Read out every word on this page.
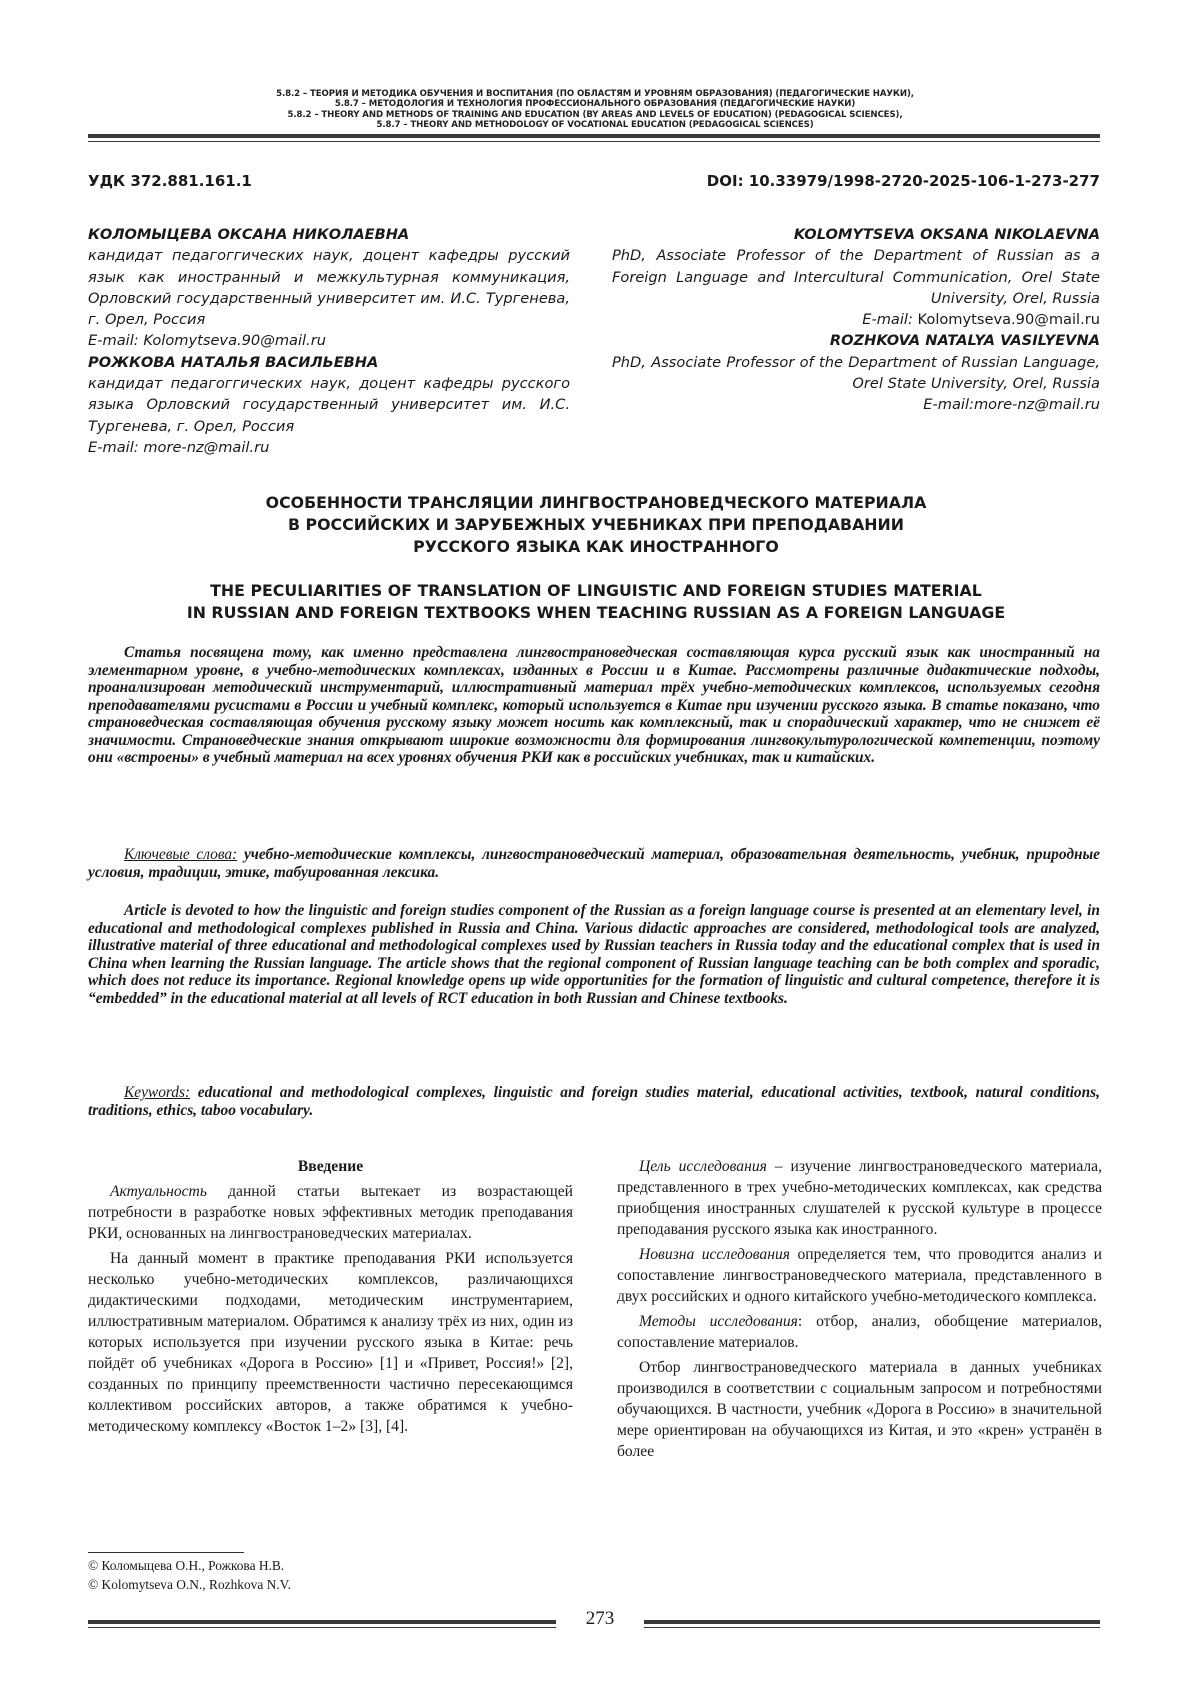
5.8.2 – ТЕОРИЯ И МЕТОДИКА ОБУЧЕНИЯ И ВОСПИТАНИЯ (ПО ОБЛАСТЯМ И УРОВНЯМ ОБРАЗОВАНИЯ) (ПЕДАГОГИЧЕСКИЕ НАУКИ),
5.8.7 – МЕТОДОЛОГИЯ И ТЕХНОЛОГИЯ ПРОФЕССИОНАЛЬНОГО ОБРАЗОВАНИЯ (ПЕДАГОГИЧЕСКИЕ НАУКИ)
5.8.2 – THEORY AND METHODS OF TRAINING AND EDUCATION (BY AREAS AND LEVELS OF EDUCATION) (PEDAGOGICAL SCIENCES),
5.8.7 – THEORY AND METHODOLOGY OF VOCATIONAL EDUCATION (PEDAGOGICAL SCIENCES)
УДК 372.881.161.1	DOI: 10.33979/1998-2720-2025-106-1-273-277
КОЛОМЫЦЕВА ОКСАНА НИКОЛАЕВНА
кандидат педагоггических наук, доцент кафедры русский язык как иностранный и межкультурная коммуникация, Орловский государственный университет им. И.С. Тургенева, г. Орел, Россия
E-mail: Kolomytseva.90@mail.ru
РОЖКОВА НАТАЛЬЯ ВАСИЛЬЕВНА
кандидат педагоггических наук, доцент кафедры русского языка Орловский государственный университет им. И.С. Тургенева, г. Орел, Россия
E-mail: more-nz@mail.ru
KOLOMYTSEVA OKSANA NIKOLAEVNA
PhD, Associate Professor of the Department of Russian as a Foreign Language and Intercultural Communication, Orel State University, Orel, Russia
E-mail: Kolomytseva.90@mail.ru
ROZHKOVA NATALYA VASILYEVNA
PhD, Associate Professor of the Department of Russian Language, Orel State University, Orel, Russia
E-mail:more-nz@mail.ru
ОСОБЕННОСТИ ТРАНСЛЯЦИИ ЛИНГВОСТРАНОВЕДЧЕСКОГО МАТЕРИАЛА
В РОССИЙСКИХ И ЗАРУБЕЖНЫХ УЧЕБНИКАХ ПРИ ПРЕПОДАВАНИИ
РУССКОГО ЯЗЫКА КАК ИНОСТРАННОГО
THE PECULIARITIES OF TRANSLATION OF LINGUISTIC AND FOREIGN STUDIES MATERIAL
IN RUSSIAN AND FOREIGN TEXTBOOKS WHEN TEACHING RUSSIAN AS A FOREIGN LANGUAGE

Статья посвящена тому, как именно представлена лингвострановедческая составляющая курса русский язык как иностранный на элементарном уровне, в учебно-методических комплексах, изданных в России и в Китае. Рассмотрены различные дидактические подходы, проанализирован методический инструментарий, иллюстративный материал трёх учебно-методических комплексов, используемых сегодня преподавателями русистами в России и учебный комплекс, который используется в Китае при изучении русского языка. В статье показано, что страноведческая составляющая обучения русскому языку может носить как комплексный, так и спорадический характер, что не снижет её значимости. Страноведческие знания открывают широкие возможности для формирования лингвокультурологической компетенции, поэтому они «встроены» в учебный материал на всех уровнях обучения РКИ как в российских учебниках, так и китайских.

Ключевые слова: учебно-методические комплексы, лингвострановедческий материал, образовательная деятельность, учебник, природные условия, традиции, этике, табуированная лексика.

Article is devoted to how the linguistic and foreign studies component of the Russian as a foreign language course is presented at an elementary level, in educational and methodological complexes published in Russia and China. Various didactic approaches are considered, methodological tools are analyzed, illustrative material of three educational and methodological complexes used by Russian teachers in Russia today and the educational complex that is used in China when learning the Russian language. The article shows that the regional component of Russian language teaching can be both complex and sporadic, which does not reduce its importance. Regional knowledge opens up wide opportunities for the formation of linguistic and cultural competence, therefore it is “embedded” in the educational material at all levels of RCT education in both Russian and Chinese textbooks.

Keywords: educational and methodological complexes, linguistic and foreign studies material, educational activities, textbook, natural conditions, traditions, ethics, taboo vocabulary.

Введение

Актуальность данной статьи вытекает из возрастающей потребности в разработке новых эффективных методик преподавания РКИ, основанных на лингвострановедческих материалах.

На данный момент в практике преподавания РКИ используется несколько учебно-методических комплексов, различающихся дидактическими подходами, методическим инструментарием, иллюстративным материалом. Обратимся к анализу трёх из них, один из которых используется при изучении русского языка в Китае: речь пойдёт об учебниках «Дорога в Россию» [1] и «Привет, Россия!» [2], созданных по принципу преемственности частично пересекающимся коллективом российских авторов, а также обратимся к учебно-методическому комплексу «Восток 1–2» [3], [4].

Цель исследования – изучение лингвострановедческого материала, представленного в трех учебно-методических комплексах, как средства приобщения иностранных слушателей к русской культуре в процессе преподавания русского языка как иностранного.

Новизна исследования определяется тем, что проводится анализ и сопоставление лингвострановедческого материала, представленного в двух российских и одного китайского учебно-методического комплекса.

Методы исследования: отбор, анализ, обобщение материалов, сопоставление материалов.

Отбор лингвострановедческого материала в данных учебниках производился в соответствии с социальным запросом и потребностями обучающихся. В частности, учебник «Дорога в Россию» в значительной мере ориентирован на обучающихся из Китая, и это «крен» устранён в более

© Коломыцева О.Н., Рожкова Н.В.
© Kolomytseva O.N., Rozhkova N.V.
273
